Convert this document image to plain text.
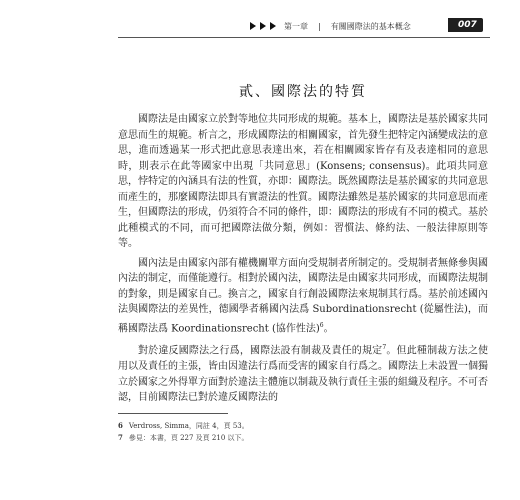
第一章 | 有關國際法的基本概念	007
貳、國際法的特質

國際法是由國家立於對等地位共同形成的規範。基本上，國際法是基於國家共同意思而生的規範。析言之，形成國際法的相關國家，首先發生把特定內涵變成法的意思，進而透過某一形式把此意思表達出來，若在相關國家皆存有及表達相同的意思時，則表示在此等國家中出現「共同意思」(Konsens; consensus)。此項共同意思，悖特定的內涵具有法的性質，亦即：國際法。既然國際法是基於國家的共同意思而產生的，那麼國際法即具有實證法的性質。國際法雖然是基於國家的共同意思而產生，但國際法的形成，仍須符合不同的條件，即：國際法的形成有不同的模式。基於此種模式的不同，而可把國際法做分類，例如：習慣法、條約法、一般法律原則等等。

國內法是由國家內部有權機關單方面向受規制者所制定的。受規制者無條參與國內法的制定，而僅能遵行。相對於國內法，國際法是由國家共同形成，而國際法規制的對象，則是國家自己。換言之，國家自行創設國際法來規制其行爲。基於前述國內法與國際法的差異性，德國學者稱國內法爲 Subordinationsrecht (從屬性法)，而稱國際法爲 Koordinationsrecht (協作性法)$^6$。

對於違反國際法之行爲，國際法設有制裁及責任的規定$^7$。但此種制裁方法之使用以及責任的主張，皆由因違法行爲而受害的國家自行爲之。國際法上未設置一個獨立於國家之外得單方面對於違法主體施以制裁及執行責任主張的組織及程序。不可否認，目前國際法已對於違反國際法的

6 Verdross, Simma，同註 4，頁 53。
7 參見：本書，頁 227 及頁 210 以下。
